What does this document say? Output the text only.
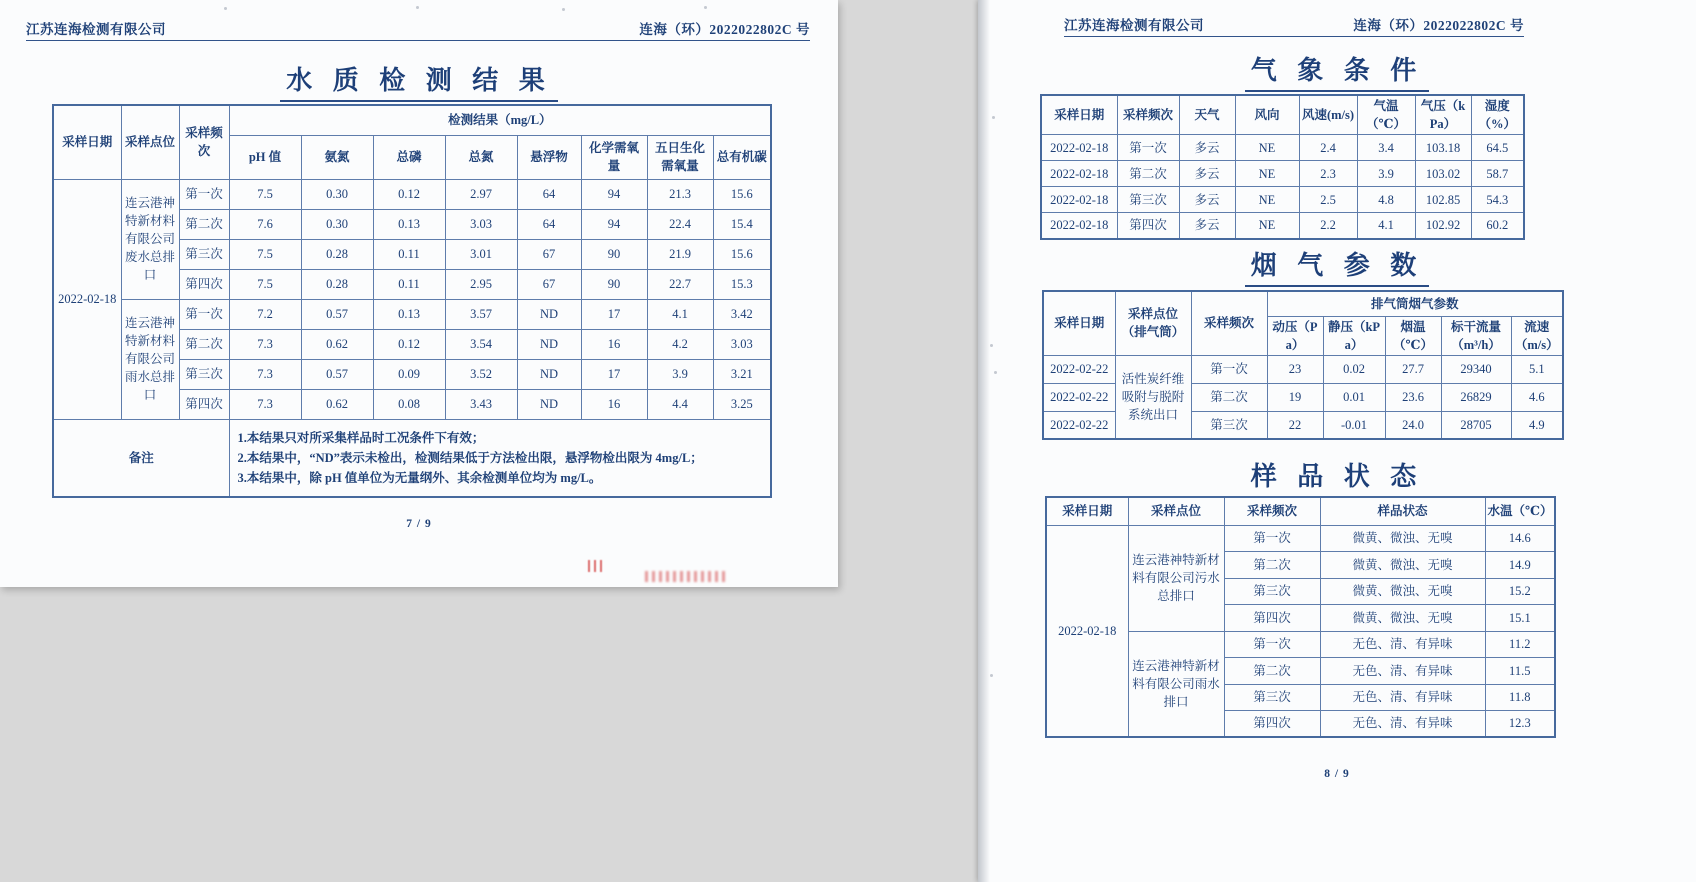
江苏连海检测有限公司	连海（环）2022022802C 号
水 质 检 测 结 果
采样日期	采样点位	采样频次	检测结果（mg/L）							
			pH 值	氨氮	总磷	总氮	悬浮物	化学需氧量	五日生化需氧量	总有机碳
2022-02-18	连云港神特新材料有限公司废水总排口	第一次	7.5	0.30	0.12	2.97	64	94	21.3	15.6
		第二次	7.6	0.30	0.13	3.03	64	94	22.4	15.4
		第三次	7.5	0.28	0.11	3.01	67	90	21.9	15.6
		第四次	7.5	0.28	0.11	2.95	67	90	22.7	15.3
	连云港神特新材料有限公司雨水总排口	第一次	7.2	0.57	0.13	3.57	ND	17	4.1	3.42
		第二次	7.3	0.62	0.12	3.54	ND	16	4.2	3.03
		第三次	7.3	0.57	0.09	3.52	ND	17	3.9	3.21
		第四次	7.3	0.62	0.08	3.43	ND	16	4.4	3.25
备注			1.本结果只对所采集样品时工况条件下有效；
2.本结果中，“ND”表示未检出，检测结果低于方法检出限，悬浮物检出限为 4mg/L；
3.本结果中，除 pH 值单位为无量纲外、其余检测单位均为 mg/L。							
7 / 9
江苏连海检测有限公司	连海（环）2022022802C 号
气 象 条 件
采样日期	采样频次	天气	风向	风速(m/s)	气温（℃）	气压（kPa）	湿度（%）
2022-02-18	第一次	多云	NE	2.4	3.4	103.18	64.5
2022-02-18	第二次	多云	NE	2.3	3.9	103.02	58.7
2022-02-18	第三次	多云	NE	2.5	4.8	102.85	54.3
2022-02-18	第四次	多云	NE	2.2	4.1	102.92	60.2
烟 气 参 数
采样日期	采样点位（排气筒）	采样频次	排气筒烟气参数				
			动压（Pa）	静压（kPa）	烟温（℃）	标干流量（m³/h）	流速（m/s）
2022-02-22	活性炭纤维吸附与脱附系统出口	第一次	23	0.02	27.7	29340	5.1
2022-02-22		第二次	19	0.01	23.6	26829	4.6
2022-02-22		第三次	22	-0.01	24.0	28705	4.9
样 品 状 态
采样日期	采样点位	采样频次	样品状态	水温（℃）
2022-02-18	连云港神特新材料有限公司污水总排口	第一次	微黄、微浊、无嗅	14.6
		第二次	微黄、微浊、无嗅	14.9
		第三次	微黄、微浊、无嗅	15.2
		第四次	微黄、微浊、无嗅	15.1
	连云港神特新材料有限公司雨水排口	第一次	无色、清、有异味	11.2
		第二次	无色、清、有异味	11.5
		第三次	无色、清、有异味	11.8
		第四次	无色、清、有异味	12.3
8 / 9
